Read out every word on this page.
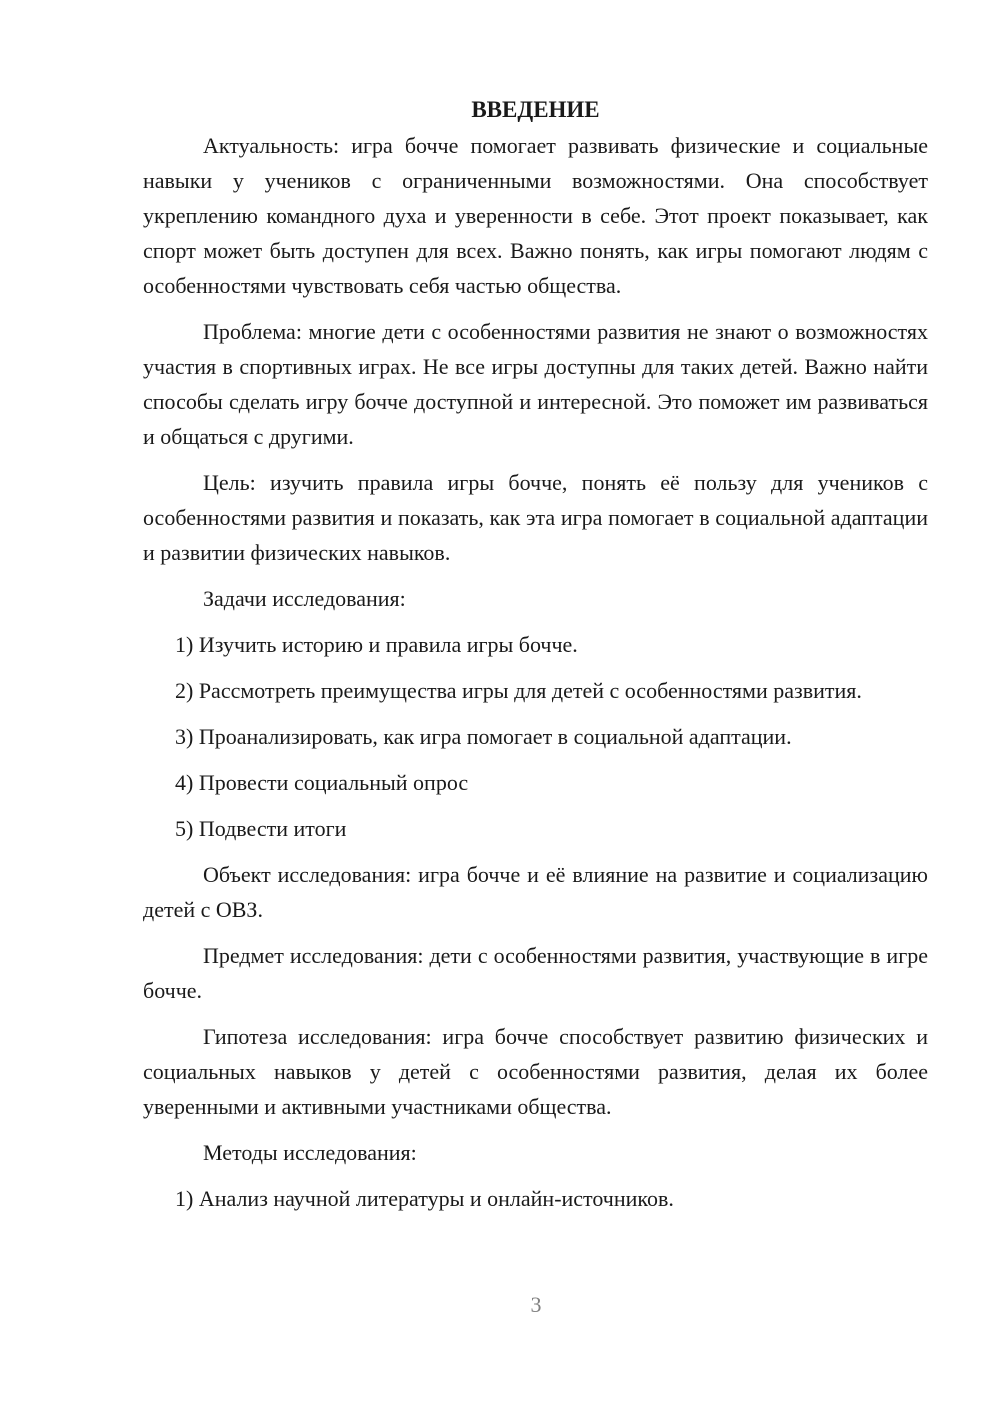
ВВЕДЕНИЕ

Актуальность: игра бочче помогает развивать физические и социальные навыки у учеников с ограниченными возможностями. Она способствует укреплению командного духа и уверенности в себе. Этот проект показывает, как спорт может быть доступен для всех. Важно понять, как игры помогают людям с особенностями чувствовать себя частью общества.

Проблема: многие дети с особенностями развития не знают о возможностях участия в спортивных играх. Не все игры доступны для таких детей. Важно найти способы сделать игру бочче доступной и интересной. Это поможет им развиваться и общаться с другими.

Цель: изучить правила игры бочче, понять её пользу для учеников с особенностями развития и показать, как эта игра помогает в социальной адаптации и развитии физических навыков.

Задачи исследования:

1) Изучить историю и правила игры бочче.

2) Рассмотреть преимущества игры для детей с особенностями развития.

3) Проанализировать, как игра помогает в социальной адаптации.

4) Провести социальный опрос

5) Подвести итоги

Объект исследования: игра бочче и её влияние на развитие и социализацию детей с ОВЗ.

Предмет исследования: дети с особенностями развития, участвующие в игре бочче.

Гипотеза исследования: игра бочче способствует развитию физических и социальных навыков у детей с особенностями развития, делая их более уверенными и активными участниками общества.

Методы исследования:

1) Анализ научной литературы и онлайн-источников.

3
